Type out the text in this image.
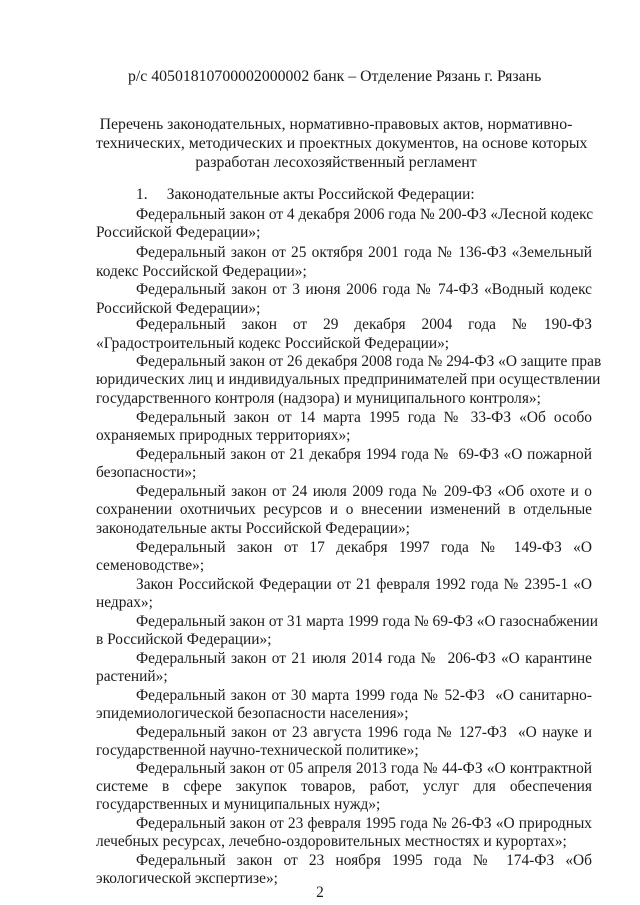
р/с 40501810700002000002 банк – Отделение Рязань г. Рязань
Перечень законодательных, нормативно-правовых актов, нормативно-
технических, методических и проектных документов, на основе которых
разработан лесохозяйственный регламент
1.     Законодательные акты Российской Федерации:
Федеральный закон от 4 декабря 2006 года № 200-ФЗ «Лесной кодекс
Российской Федерации»;
Федеральный закон от 25 октября 2001 года № 136-ФЗ «Земельный
кодекс Российской Федерации»;
Федеральный закон от 3 июня 2006 года № 74-ФЗ «Водный кодекс
Российской Федерации»;
Федеральный   закон   от   29   декабря   2004   года   №   190-ФЗ
«Градостроительный кодекс Российской Федерации»;
Федеральный закон от 26 декабря 2008 года № 294-ФЗ «О защите прав
юридических лиц и индивидуальных предпринимателей при осуществлении
государственного контроля (надзора) и муниципального контроля»;
Федеральный закон от 14 марта 1995 года № 33-ФЗ «Об особо
охраняемых природных территориях»;
Федеральный закон от 21 декабря 1994 года №  69-ФЗ «О пожарной
безопасности»;
Федеральный закон от 24 июля 2009 года № 209-ФЗ «Об охоте и о
сохранении охотничьих ресурсов и о внесении изменений в отдельные
законодательные акты Российской Федерации»;
Федеральный закон от 17 декабря 1997 года № 149-ФЗ «О
семеноводстве»;
Закон Российской Федерации от 21 февраля 1992 года № 2395-1 «О
недрах»;
Федеральный закон от 31 марта 1999 года № 69-ФЗ «О газоснабжении
в Российской Федерации»;
Федеральный закон от 21 июля 2014 года №  206-ФЗ «О карантине
растений»;
Федеральный закон от 30 марта 1999 года № 52-ФЗ  «О санитарно-
эпидемиологической безопасности населения»;
Федеральный закон от 23 августа 1996 года № 127-ФЗ  «О науке и
государственной научно-технической политике»;
Федеральный закон от 05 апреля 2013 года № 44-ФЗ «О контрактной
системе в сфере закупок товаров, работ, услуг для обеспечения
государственных и муниципальных нужд»;
Федеральный закон от 23 февраля 1995 года № 26-ФЗ «О природных
лечебных ресурсах, лечебно-оздоровительных местностях и курортах»;
Федеральный закон от 23 ноября 1995 года № 174-ФЗ «Об
экологической экспертизе»;
2
